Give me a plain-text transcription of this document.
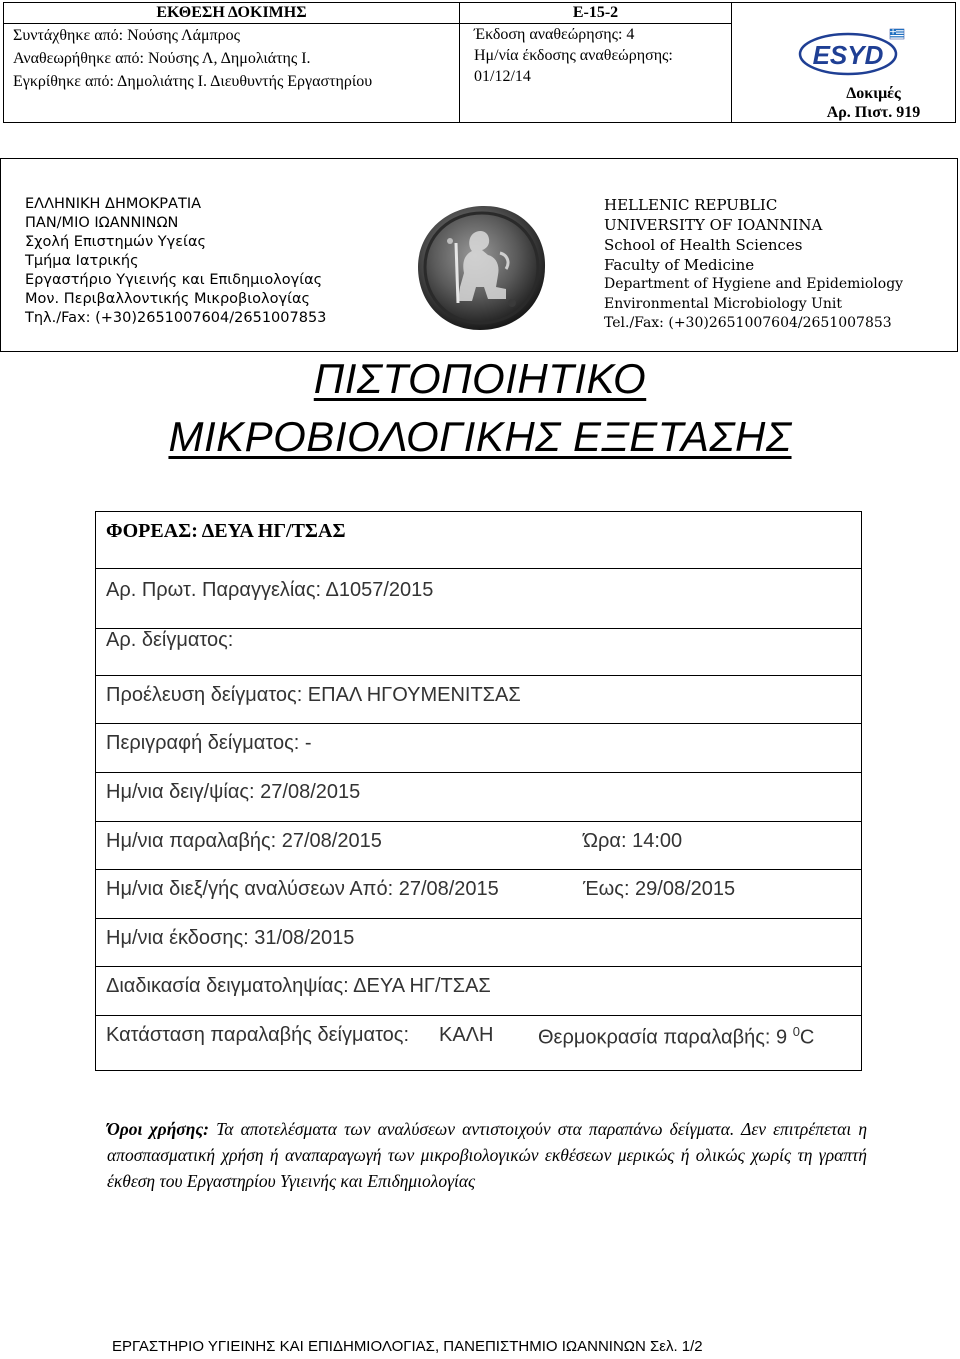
ΕΚΘΕΣΗ ΔΟΚΙΜΗΣ
Συντάχθηκε από: Νούσης Λάμπρος
Αναθεωρήθηκε από: Νούσης Λ, Δημολιάτης Ι.
Εγκρίθηκε από: Δημολιάτης Ι. Διευθυντής Εργαστηρίου
Ε-15-2
Έκδοση αναθεώρησης: 4
Ημ/νία έκδοσης αναθεώρησης:
01/12/14
ESYD
Δοκιμές
Αρ. Πιστ. 919
ΕΛΛΗΝΙΚΗ ΔΗΜΟΚΡΑΤΙΑ
ΠΑΝ/ΜΙΟ ΙΩΑΝΝΙΝΩΝ
Σχολή Επιστημών Υγείας
Τμήμα Ιατρικής
Εργαστήριο Υγιεινής και Επιδημιολογίας
Μον. Περιβαλλοντικής Μικροβιολογίας
Τηλ./Fax: (+30)2651007604/2651007853
HELLENIC REPUBLIC
UNIVERSITY OF IOANNINA
School of Health Sciences
Faculty of Medicine
Department of Hygiene and Epidemiology
Environmental Microbiology Unit
Tel./Fax: (+30)2651007604/2651007853
ΠΙΣΤΟΠΟΙΗΤΙΚΟ
ΜΙΚΡΟΒΙΟΛΟΓΙΚΗΣ ΕΞΕΤΑΣΗΣ
ΦΟΡΕΑΣ: ΔΕΥΑ ΗΓ/ΤΣΑΣ
Αρ. Πρωτ. Παραγγελίας: Δ1057/2015
Αρ. δείγματος:
Προέλευση δείγματος: ΕΠΑΛ ΗΓΟΥΜΕΝΙΤΣΑΣ
Περιγραφή δείγματος: -
Ημ/νια δειγ/ψίας: 27/08/2015
Ημ/νια παραλαβής: 27/08/2015	Ώρα: 14:00
Ημ/νια διεξ/γής αναλύσεων Από: 27/08/2015	Έως: 29/08/2015
Ημ/νια έκδοσης: 31/08/2015
Διαδικασία δειγματοληψίας: ΔΕΥΑ ΗΓ/ΤΣΑΣ
Κατάσταση παραλαβής δείγματος: ΚΑΛΗ Θερμοκρασία παραλαβής: 9 $^0$C
Όροι χρήσης: Τα αποτελέσματα των αναλύσεων αντιστοιχούν στα παραπάνω δείγματα. Δεν επιτρέπεται η αποσπασματική χρήση ή αναπαραγωγή των μικροβιολογικών εκθέσεων μερικώς ή ολικώς χωρίς τη γραπτή έκθεση του Εργαστηρίου Υγιεινής και Επιδημιολογίας
ΕΡΓΑΣΤΗΡΙΟ ΥΓΙΕΙΝΗΣ ΚΑΙ ΕΠΙΔΗΜΙΟΛΟΓΙΑΣ, ΠΑΝΕΠΙΣΤΗΜΙΟ ΙΩΑΝΝΙΝΩΝ Σελ. 1/2
